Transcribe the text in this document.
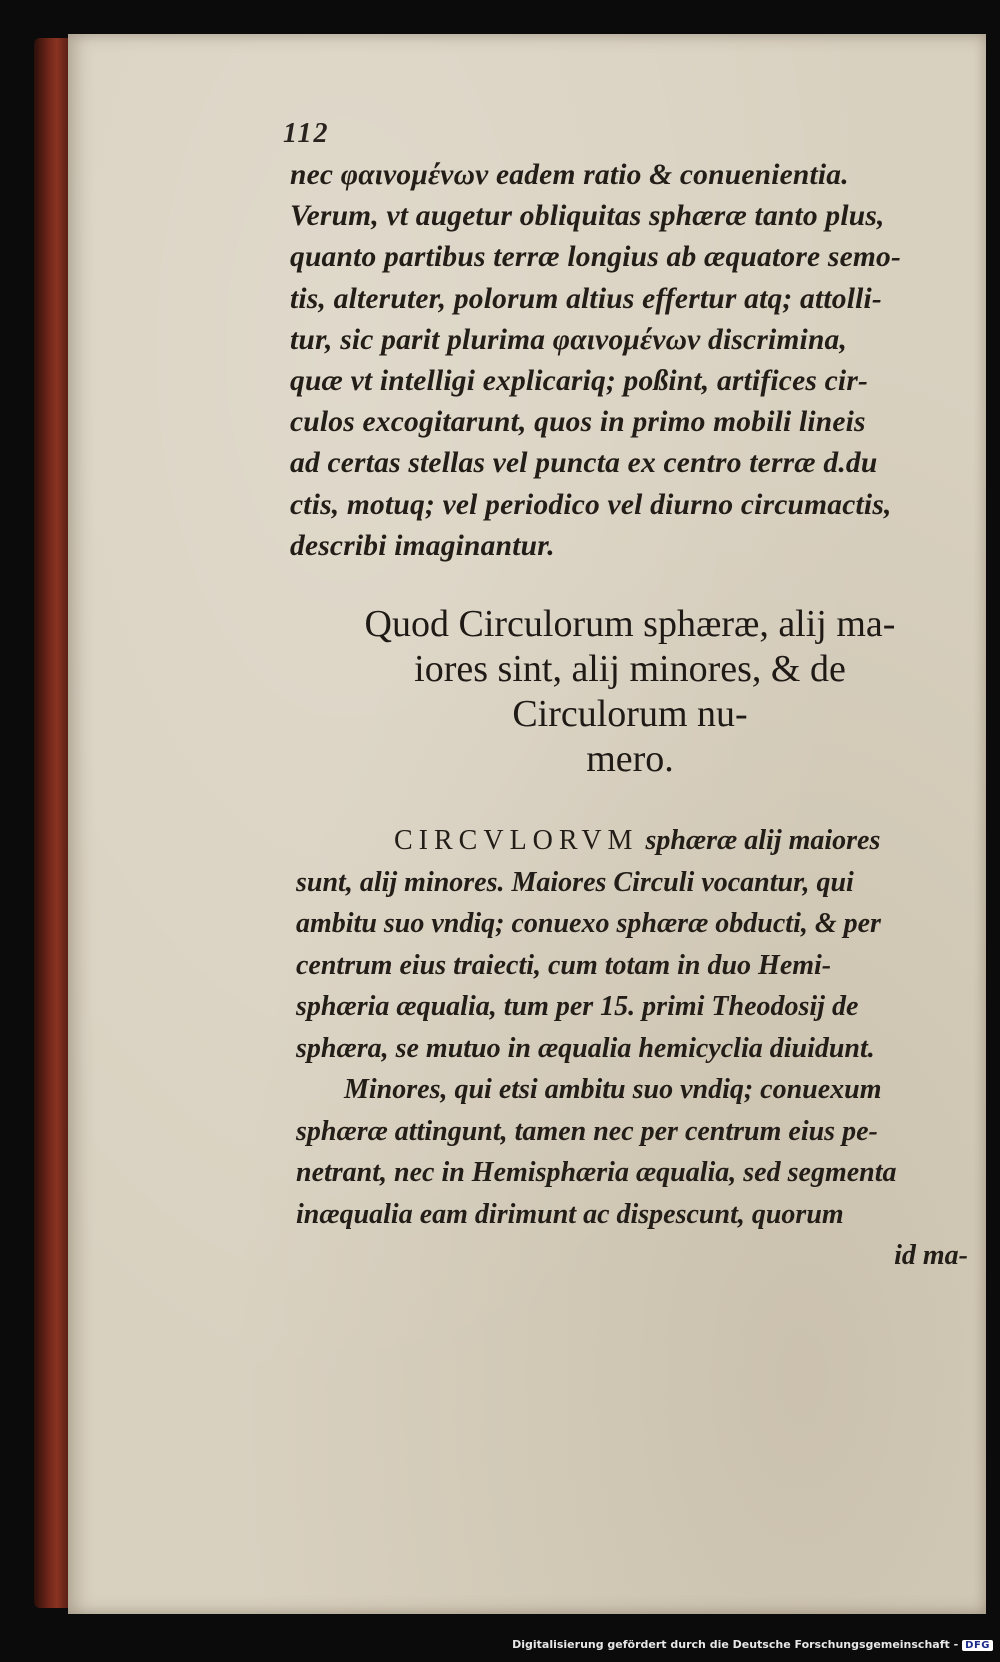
112
nec φαινομένων eadem ratio & conuenientia.
Verum, vt augetur obliquitas sphæræ tanto plus,
quanto partibus terræ longius ab æquatore semo-
tis, alteruter, polorum altius effertur atq; attolli-
tur, sic parit plurima φαινομένων discrimina,
quæ vt intelligi explicariq; poßint, artifices cir-
culos excogitarunt, quos in primo mobili lineis
ad certas stellas vel puncta ex centro terræ d.du
ctis, motuq; vel periodico vel diurno circumactis,
describi imaginantur.
Quod Circulorum sphæræ, alij ma-
iores sint, alij minores, & de
Circulorum nu-
mero.
CIRCVLORVM sphæræ alij maiores
sunt, alij minores. Maiores Circuli vocantur, qui
ambitu suo vndiq; conuexo sphæræ obducti, & per
centrum eius traiecti, cum totam in duo Hemi-
sphæria æqualia, tum per 15. primi Theodosij de
sphæra, se mutuo in æqualia hemicyclia diuidunt.
Minores, qui etsi ambitu suo vndiq; conuexum
sphæræ attingunt, tamen nec per centrum eius pe-
netrant, nec in Hemisphæria æqualia, sed segmenta
inæqualia eam dirimunt ac dispescunt, quorum
id ma-
Digitalisierung gefördert durch die Deutsche Forschungsgemeinschaft - DFG
